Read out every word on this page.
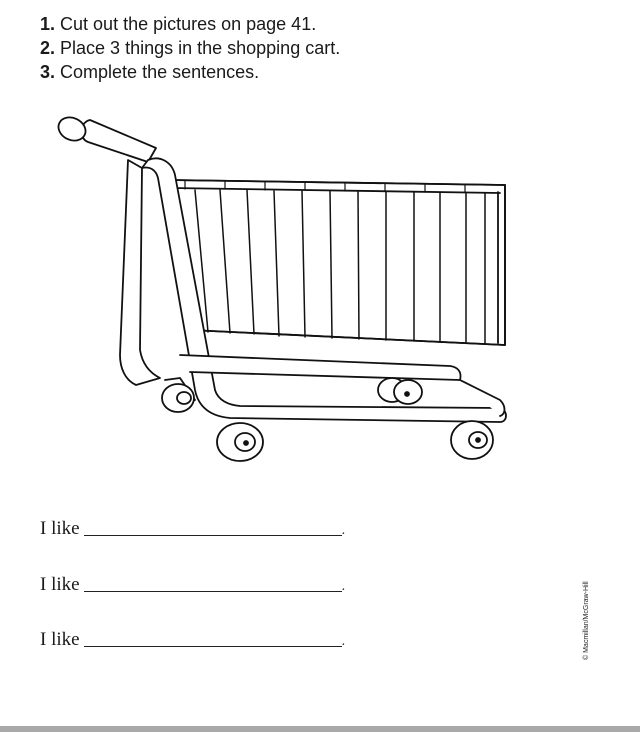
1. Cut out the pictures on page 41.
2. Place 3 things in the shopping cart.
3. Complete the sentences.
I like	.
I like	.
I like	.	© Macmillan/McGraw-Hill
